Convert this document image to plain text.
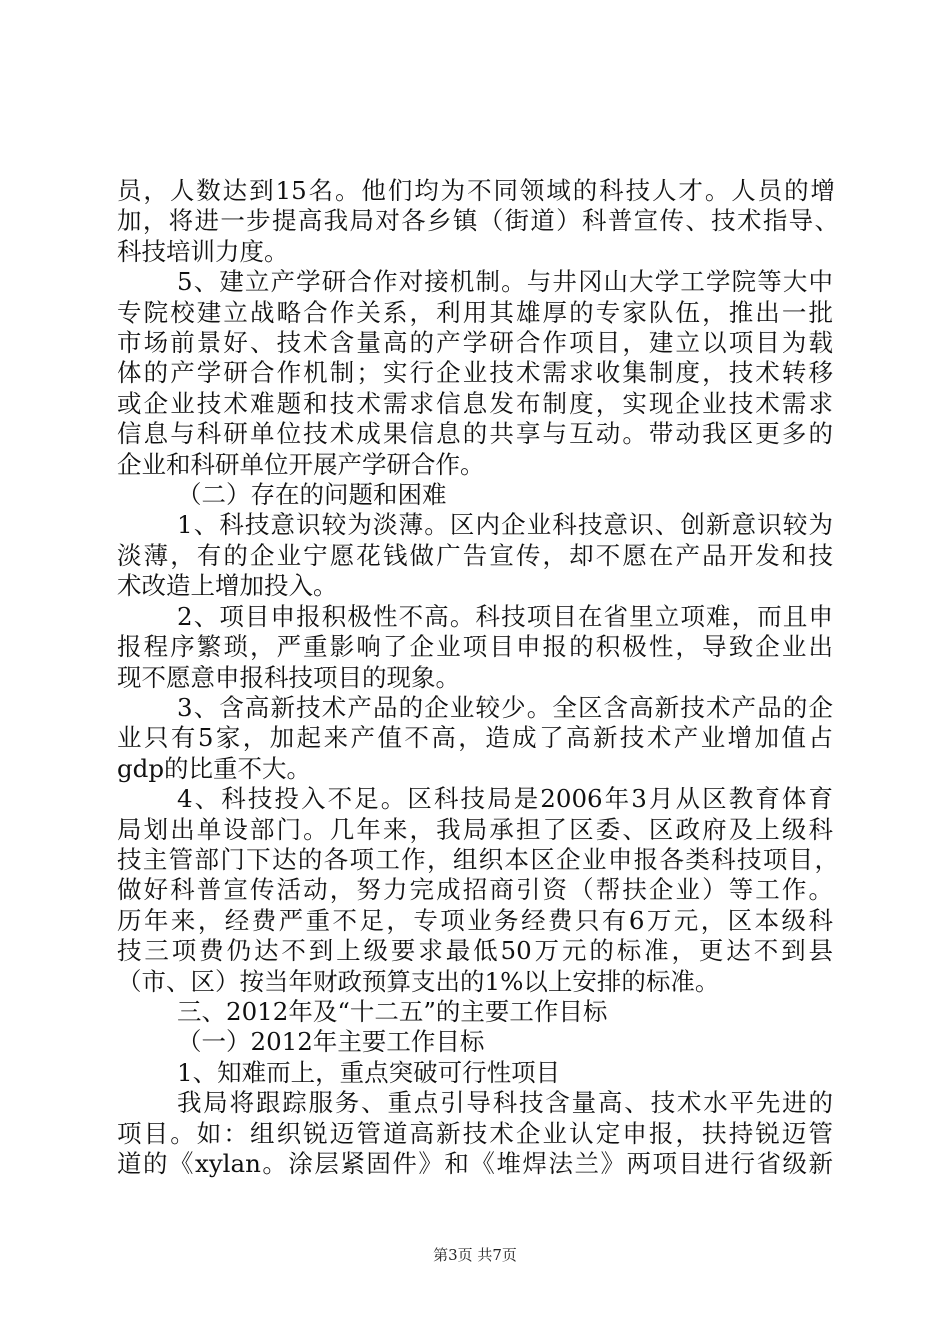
员，人数达到15名。他们均为不同领域的科技人才。人员的增
加，将进一步提高我局对各乡镇（街道）科普宣传、技术指导、
科技培训力度。
5、建立产学研合作对接机制。与井冈山大学工学院等大中
专院校建立战略合作关系，利用其雄厚的专家队伍，推出一批
市场前景好、技术含量高的产学研合作项目，建立以项目为载
体的产学研合作机制；实行企业技术需求收集制度，技术转移
或企业技术难题和技术需求信息发布制度，实现企业技术需求
信息与科研单位技术成果信息的共享与互动。带动我区更多的
企业和科研单位开展产学研合作。
（二）存在的问题和困难
1、科技意识较为淡薄。区内企业科技意识、创新意识较为
淡薄，有的企业宁愿花钱做广告宣传，却不愿在产品开发和技
术改造上增加投入。
2、项目申报积极性不高。科技项目在省里立项难，而且申
报程序繁琐，严重影响了企业项目申报的积极性，导致企业出
现不愿意申报科技项目的现象。
3、含高新技术产品的企业较少。全区含高新技术产品的企
业只有5家，加起来产值不高，造成了高新技术产业增加值占
gdp的比重不大。
4、科技投入不足。区科技局是2006年3月从区教育体育
局划出单设部门。几年来，我局承担了区委、区政府及上级科
技主管部门下达的各项工作，组织本区企业申报各类科技项目，
做好科普宣传活动，努力完成招商引资（帮扶企业）等工作。
历年来，经费严重不足，专项业务经费只有6万元，区本级科
技三项费仍达不到上级要求最低50万元的标准，更达不到县
（市、区）按当年财政预算支出的1%以上安排的标准。
三、2012年及“十二五”的主要工作目标
（一）2012年主要工作目标
1、知难而上，重点突破可行性项目
我局将跟踪服务、重点引导科技含量高、技术水平先进的
项目。如：组织锐迈管道高新技术企业认定申报，扶持锐迈管
道的《xylan。涂层紧固件》和《堆焊法兰》两项目进行省级新
第3页 共7页
